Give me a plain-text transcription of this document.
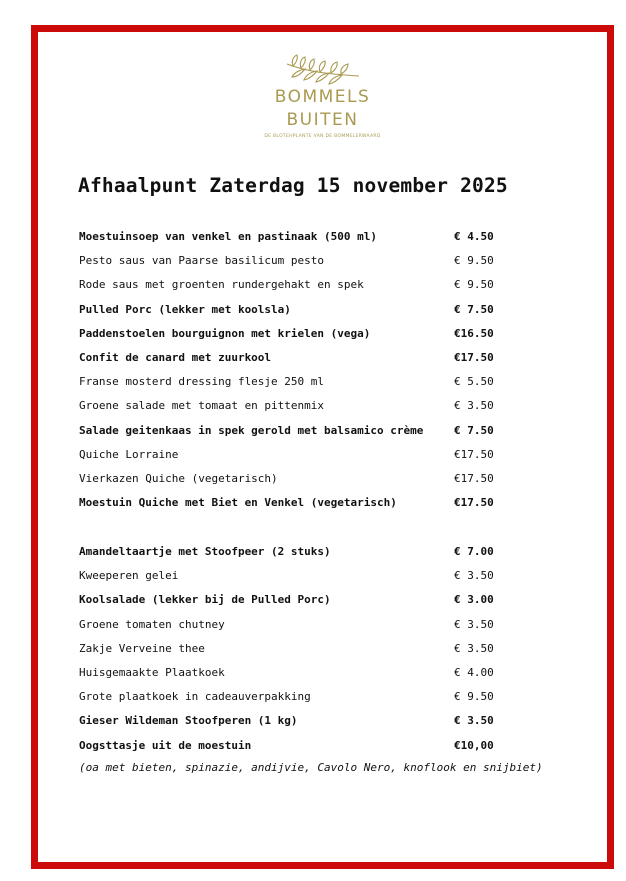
BOMMELS
BUITEN
DE BLOTEHPLANTE VAN DE BOMMELERWAARD
Afhaalpunt Zaterdag 15 november 2025
Moestuinsoep van venkel en pastinaak (500 ml)	€ 4.50
Pesto saus van Paarse basilicum pesto	€ 9.50
Rode saus met groenten rundergehakt en spek	€ 9.50
Pulled Porc (lekker met koolsla)	€ 7.50
Paddenstoelen bourguignon met krielen (vega)	€16.50
Confit de canard met zuurkool	€17.50
Franse mosterd dressing flesje 250 ml	€ 5.50
Groene salade met tomaat en pittenmix	€ 3.50
Salade geitenkaas in spek gerold met balsamico crème	€ 7.50
Quiche Lorraine	€17.50
Vierkazen Quiche (vegetarisch)	€17.50
Moestuin Quiche met Biet en Venkel (vegetarisch)	€17.50
Amandeltaartje met Stoofpeer (2 stuks)	€ 7.00
Kweeperen gelei	€ 3.50
Koolsalade (lekker bij de Pulled Porc)	€ 3.00
Groene tomaten chutney	€ 3.50
Zakje Verveine thee	€ 3.50
Huisgemaakte Plaatkoek	€ 4.00
Grote plaatkoek in cadeauverpakking	€ 9.50
Gieser Wildeman Stoofperen (1 kg)	€ 3.50
Oogsttasje uit de moestuin	€10,00
(oa met bieten, spinazie, andijvie, Cavolo Nero, knoflook en snijbiet)
